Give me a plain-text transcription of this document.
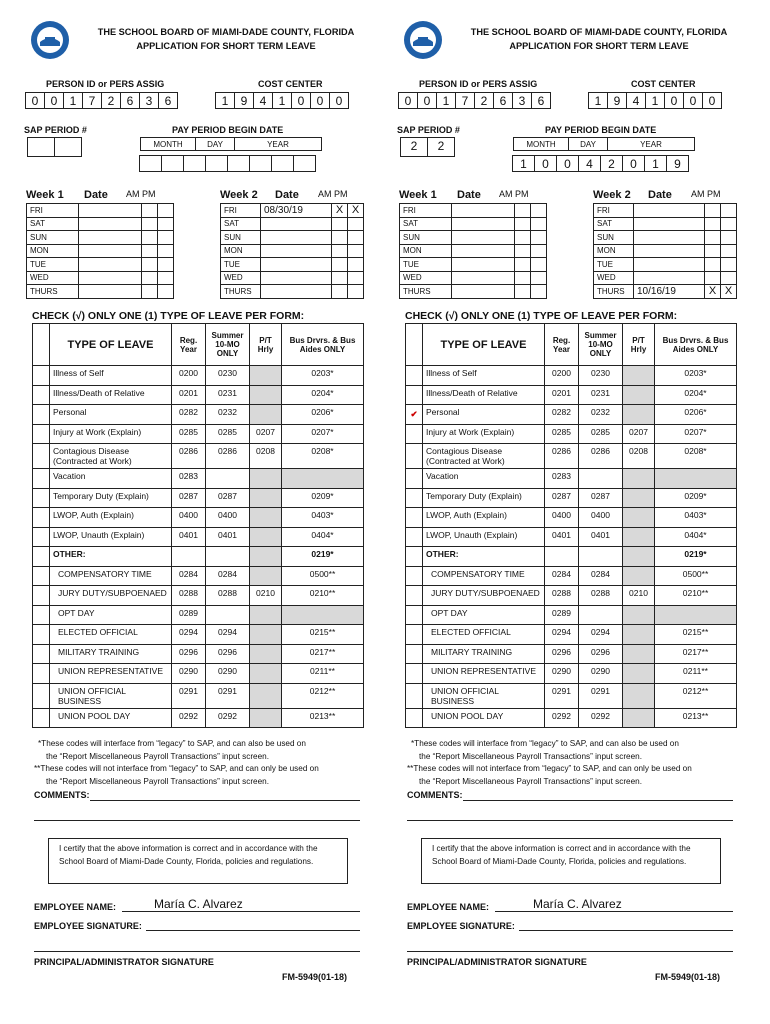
THE SCHOOL BOARD OF MIAMI-DADE COUNTY, FLORIDA
APPLICATION FOR SHORT TERM LEAVE
PERSON ID or PERS ASSIG	COST CENTER
0	0	1	7	2	6	3	6	1	9	4	1	0	0	0
SAP PERIOD #	PAY PERIOD BEGIN DATE
MONTH	DAY	YEAR
Week 1 Date AM PM	Week 2 Date AM PM
FRI			
SAT			
SUN			
MON			
TUE			
WED			
THURS			
FRI	08/30/19	X	X
SAT			
SUN			
MON			
TUE			
WED			
THURS			
CHECK (√) ONLY ONE (1) TYPE OF LEAVE PER FORM:
	TYPE OF LEAVE	Reg. Year	Summer 10-MO ONLY	P/T Hrly	Bus Drvrs. & Bus Aides ONLY
	Illness of Self	0200	0230		0203*
	Illness/Death of Relative	0201	0231		0204*
	Personal	0282	0232		0206*
	Injury at Work (Explain)	0285	0285	0207	0207*
	Contagious Disease (Contracted at Work)	0286	0286	0208	0208*
	Vacation	0283			
	Temporary Duty (Explain)	0287	0287		0209*
	LWOP, Auth (Explain)	0400	0400		0403*
	LWOP, Unauth (Explain)	0401	0401		0404*
	OTHER:				0219*
	COMPENSATORY TIME	0284	0284		0500**
	JURY DUTY/SUBPOENAED	0288	0288	0210	0210**
	OPT DAY	0289			
	ELECTED OFFICIAL	0294	0294		0215**
	MILITARY TRAINING	0296	0296		0217**
	UNION REPRESENTATIVE	0290	0290		0211**
	UNION OFFICIAL BUSINESS	0291	0291		0212**
	UNION POOL DAY	0292	0292		0213**
*These codes will interface from “legacy” to SAP, and can also be used on
the “Report Miscellaneous Payroll Transactions” input screen.
**These codes will not interface from “legacy” to SAP, and can only be used on
the “Report Miscellaneous Payroll Transactions” input screen.
COMMENTS:
I certify that the above information is correct and in accordance with the School Board of Miami-Dade County, Florida, policies and regulations.
EMPLOYEE NAME:	María C. Alvarez
EMPLOYEE SIGNATURE:
PRINCIPAL/ADMINISTRATOR SIGNATURE
FM-5949(01-18)
THE SCHOOL BOARD OF MIAMI-DADE COUNTY, FLORIDA
APPLICATION FOR SHORT TERM LEAVE
PERSON ID or PERS ASSIG	COST CENTER
0	0	1	7	2	6	3	6	1	9	4	1	0	0	0
SAP PERIOD #	PAY PERIOD BEGIN DATE
2	2	MONTH	DAY	YEAR
1	0	0	4	2	0	1	9
Week 1 Date AM PM	Week 2 Date AM PM
FRI			
SAT			
SUN			
MON			
TUE			
WED			
THURS			
FRI			
SAT			
SUN			
MON			
TUE			
WED			
THURS	10/16/19	X	X
CHECK (√) ONLY ONE (1) TYPE OF LEAVE PER FORM:
	TYPE OF LEAVE	Reg. Year	Summer 10-MO ONLY	P/T Hrly	Bus Drvrs. & Bus Aides ONLY
	Illness of Self	0200	0230		0203*
	Illness/Death of Relative	0201	0231		0204*
✔	Personal	0282	0232		0206*
	Injury at Work (Explain)	0285	0285	0207	0207*
	Contagious Disease (Contracted at Work)	0286	0286	0208	0208*
	Vacation	0283			
	Temporary Duty (Explain)	0287	0287		0209*
	LWOP, Auth (Explain)	0400	0400		0403*
	LWOP, Unauth (Explain)	0401	0401		0404*
	OTHER:				0219*
	COMPENSATORY TIME	0284	0284		0500**
	JURY DUTY/SUBPOENAED	0288	0288	0210	0210**
	OPT DAY	0289			
	ELECTED OFFICIAL	0294	0294		0215**
	MILITARY TRAINING	0296	0296		0217**
	UNION REPRESENTATIVE	0290	0290		0211**
	UNION OFFICIAL BUSINESS	0291	0291		0212**
	UNION POOL DAY	0292	0292		0213**
*These codes will interface from “legacy” to SAP, and can also be used on
the “Report Miscellaneous Payroll Transactions” input screen.
**These codes will not interface from “legacy” to SAP, and can only be used on
the “Report Miscellaneous Payroll Transactions” input screen.
COMMENTS:
I certify that the above information is correct and in accordance with the School Board of Miami-Dade County, Florida, policies and regulations.
EMPLOYEE NAME:	María C. Alvarez
EMPLOYEE SIGNATURE:
PRINCIPAL/ADMINISTRATOR SIGNATURE
FM-5949(01-18)
